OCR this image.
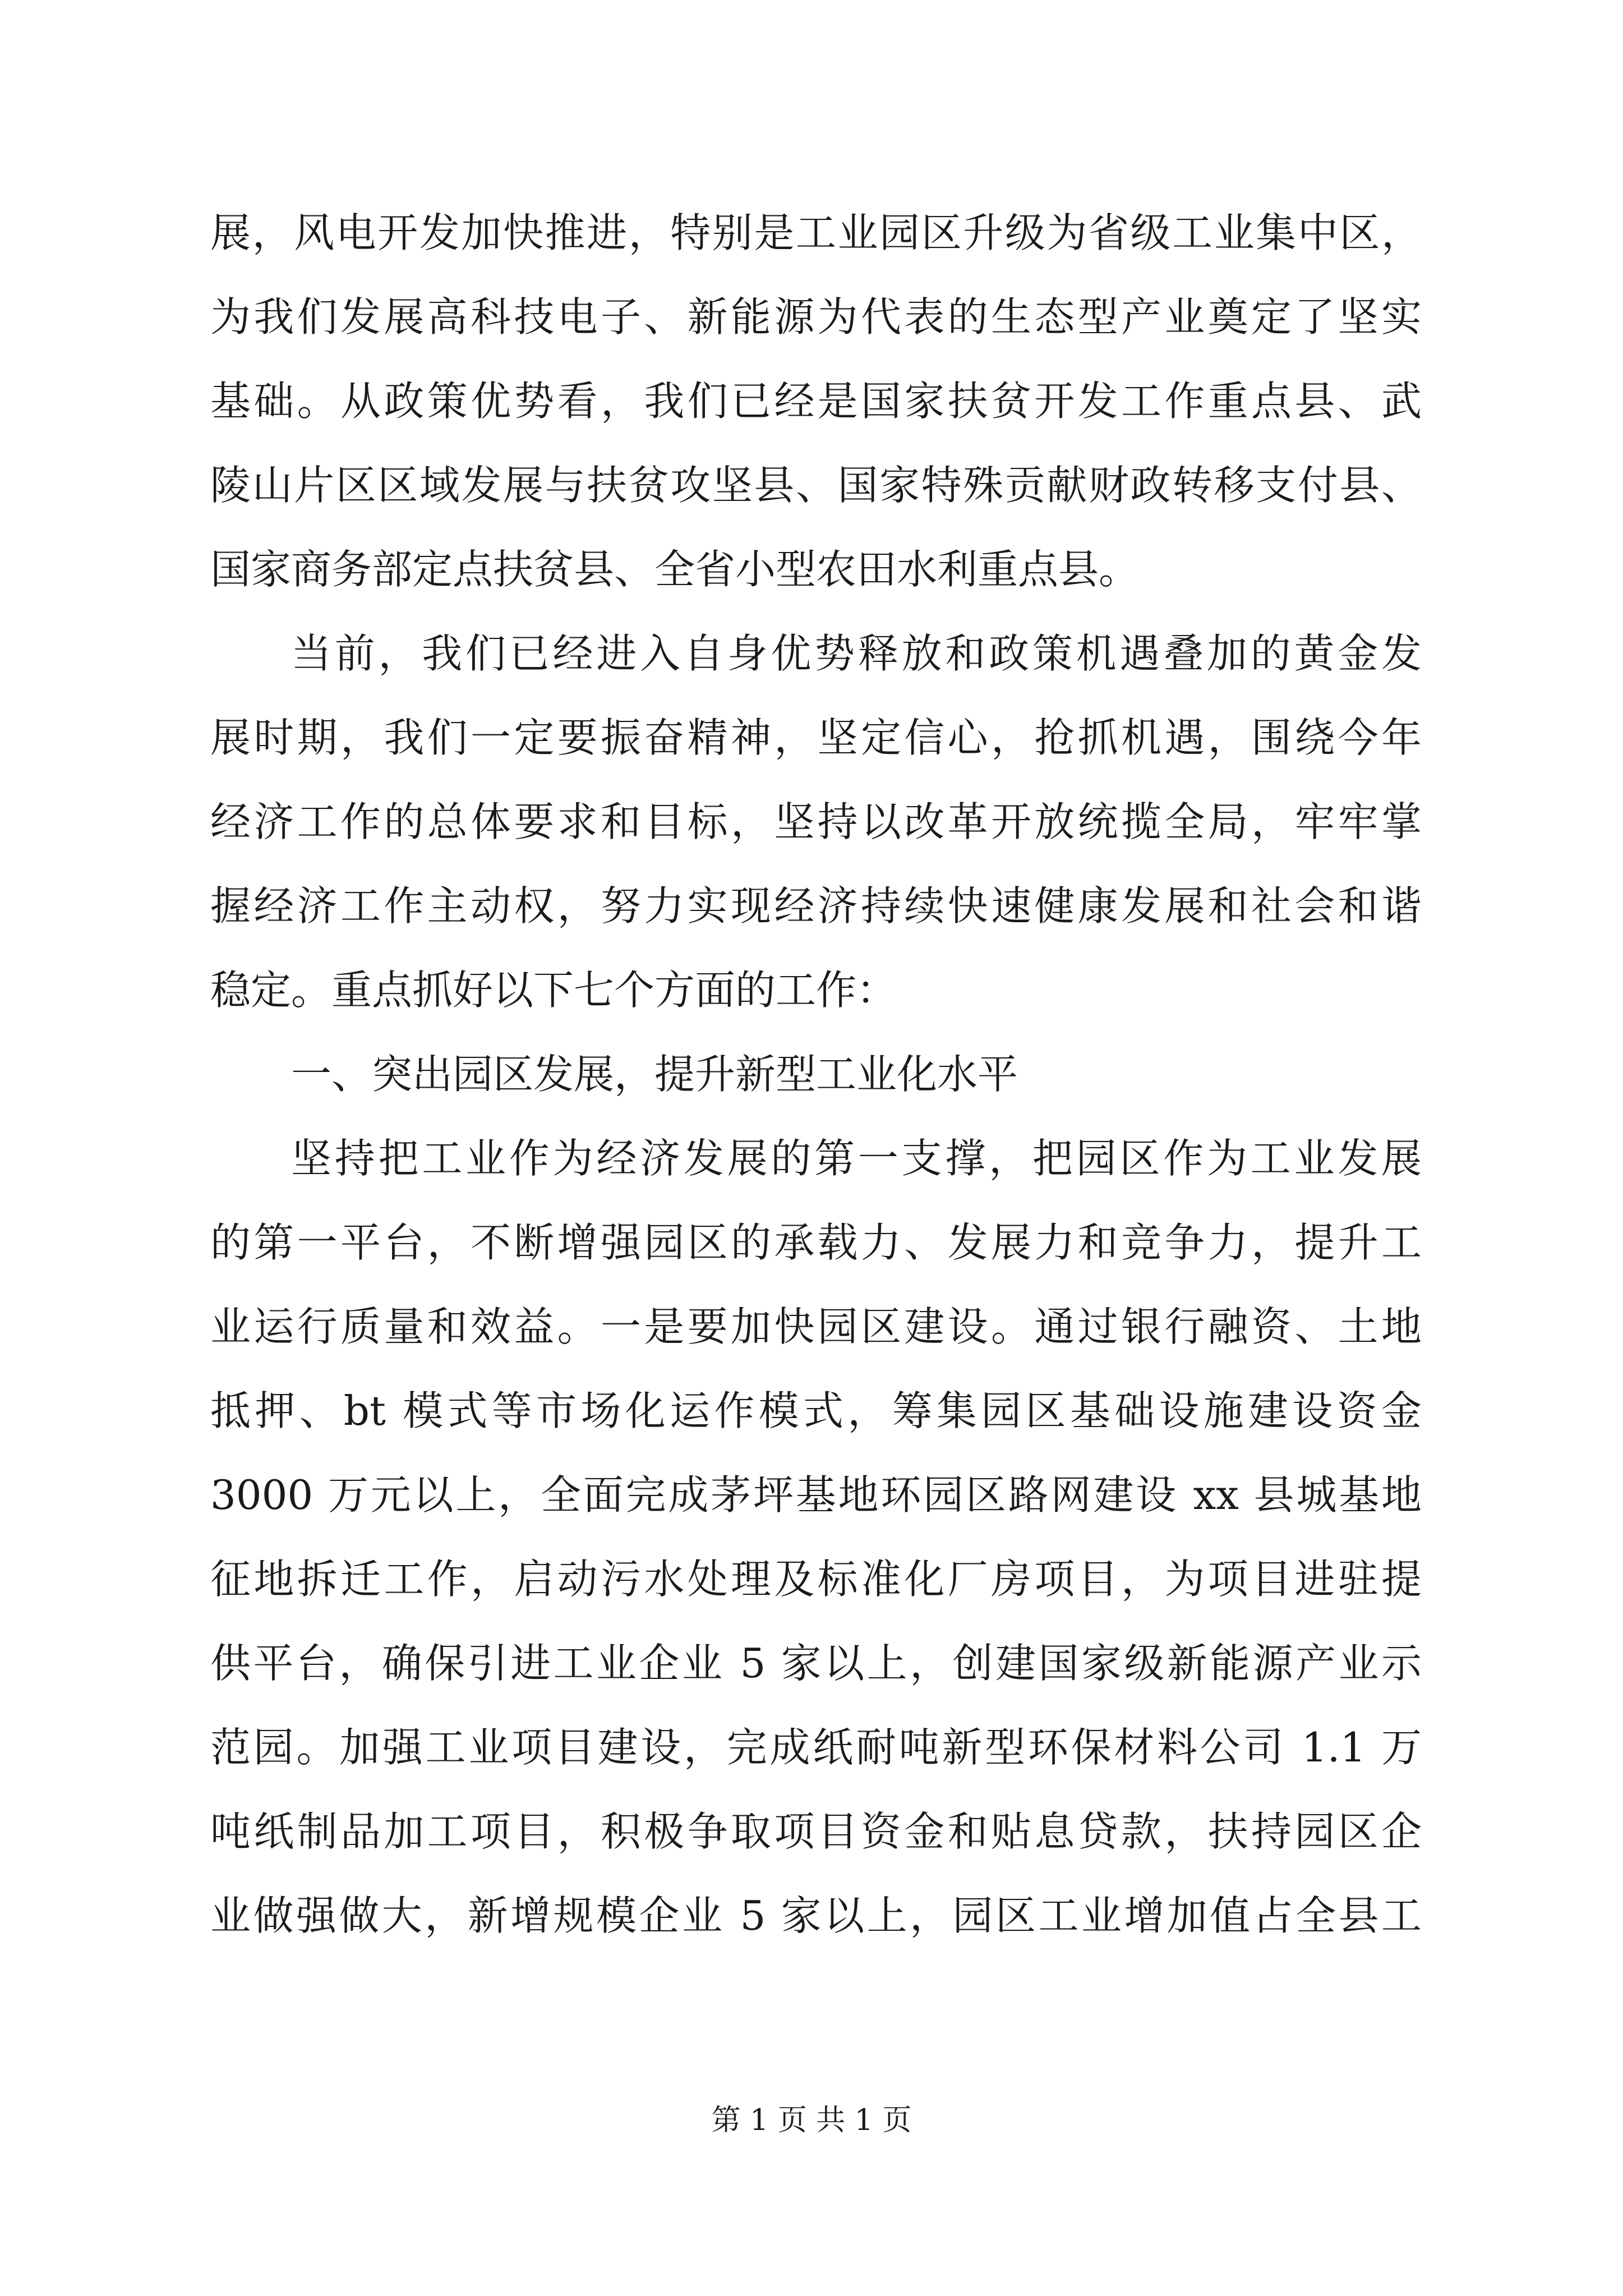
展，风电开发加快推进，特别是工业园区升级为省级工业集中区，
为我们发展高科技电子、新能源为代表的生态型产业奠定了坚实
基础。从政策优势看，我们已经是国家扶贫开发工作重点县、武
陵山片区区域发展与扶贫攻坚县、国家特殊贡献财政转移支付县、
国家商务部定点扶贫县、全省小型农田水利重点县。
当前，我们已经进入自身优势释放和政策机遇叠加的黄金发
展时期，我们一定要振奋精神，坚定信心，抢抓机遇，围绕今年
经济工作的总体要求和目标，坚持以改革开放统揽全局，牢牢掌
握经济工作主动权，努力实现经济持续快速健康发展和社会和谐
稳定。重点抓好以下七个方面的工作：
一、突出园区发展，提升新型工业化水平
坚持把工业作为经济发展的第一支撑，把园区作为工业发展
的第一平台，不断增强园区的承载力、发展力和竞争力，提升工
业运行质量和效益。一是要加快园区建设。通过银行融资、土地
抵押、bt 模式等市场化运作模式，筹集园区基础设施建设资金
3000 万元以上，全面完成茅坪基地环园区路网建设 xx 县城基地
征地拆迁工作，启动污水处理及标准化厂房项目，为项目进驻提
供平台，确保引进工业企业 5 家以上，创建国家级新能源产业示
范园。加强工业项目建设，完成纸耐吨新型环保材料公司 1.1 万
吨纸制品加工项目，积极争取项目资金和贴息贷款，扶持园区企
业做强做大，新增规模企业 5 家以上，园区工业增加值占全县工
第 1 页 共 1 页
